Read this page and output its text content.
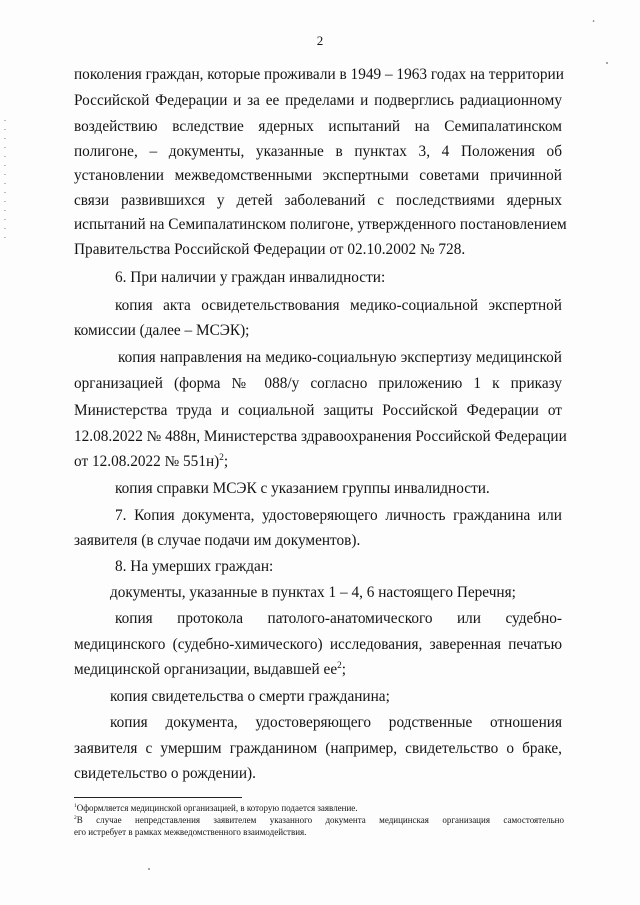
2
¸
поколения граждан, которые проживали в 1949 – 1963 годах на территории
Российской Федерации и за ее пределами и подверглись радиационному
воздействию вследствие ядерных испытаний на Семипалатинском
полигоне, – документы, указанные в пунктах 3, 4 Положения об
установлении межведомственными экспертными советами причинной
связи развившихся у детей заболеваний с последствиями ядерных
испытаний на Семипалатинском полигоне, утвержденного постановлением
Правительства Российской Федерации от 02.10.2002 № 728.
6. При наличии у граждан инвалидности:
копия акта освидетельствования медико-социальной экспертной
комиссии (далее – МСЭК);
копия направления на медико-социальную экспертизу медицинской
организацией (форма № 088/у согласно приложению 1 к приказу
Министерства труда и социальной защиты Российской Федерации от
12.08.2022 № 488н, Министерства здравоохранения Российской Федерации
от 12.08.2022 № 551н)$^2$;
копия справки МСЭК с указанием группы инвалидности.
7. Копия документа, удостоверяющего личность гражданина или
заявителя (в случае подачи им документов).
8. На умерших граждан:
документы, указанные в пунктах 1 – 4, 6 настоящего Перечня;
копия протокола патолого-анатомического или судебно-
медицинского (судебно-химического) исследования, заверенная печатью
медицинской организации, выдавшей $ее^2$;
копия свидетельства о смерти гражданина;
копия документа, удостоверяющего родственные отношения
заявителя с умершим гражданином (например, свидетельство о браке,
свидетельство о рождении).
$^1$Оформляется медицинской организацией, в которую подается заявление.
$^2$В случае непредставления заявителем указанного документа медицинская организация самостоятельно
его истребует в рамках межведомственного взаимодействия.
